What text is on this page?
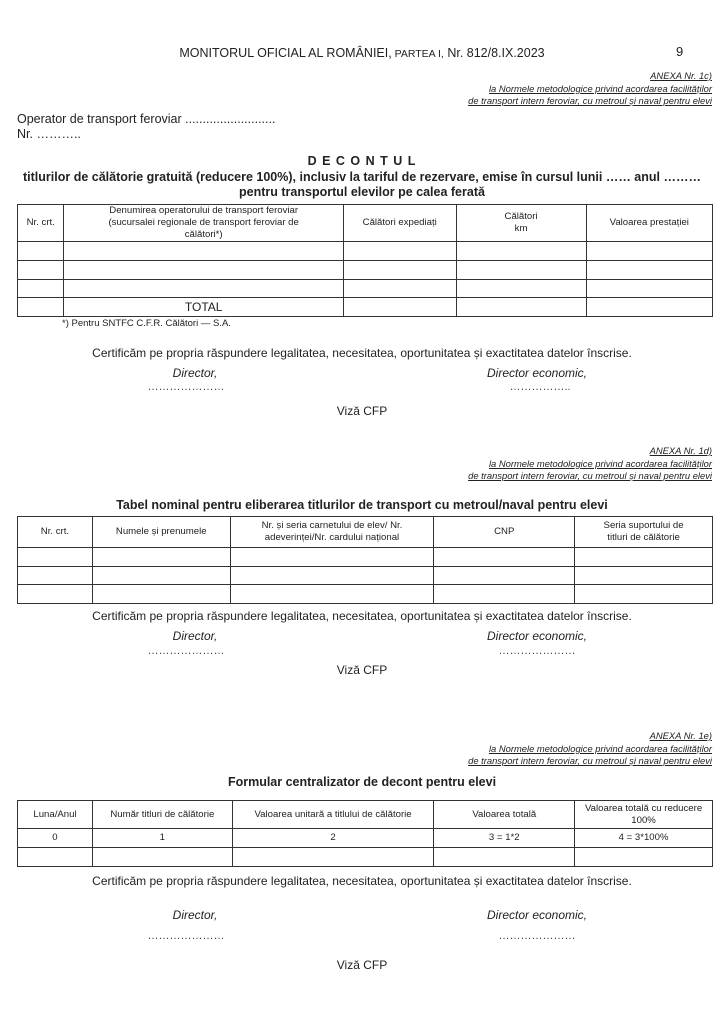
MONITORUL OFICIAL AL ROMÂNIEI, PARTEA I, Nr. 812/8.IX.2023	9
ANEXA Nr. 1c)
la Normele metodologice privind acordarea facilităților
de transport intern feroviar, cu metroul și naval pentru elevi
Operator de transport feroviar ..........................
Nr. ………..
D E C O N T U L
titlurilor de călătorie gratuită (reducere 100%), inclusiv la tariful de rezervare, emise în cursul lunii …… anul ………
pentru transportul elevilor pe calea ferată
Nr. crt.	Denumirea operatorului de transport feroviar (sucursalei regionale de transport feroviar de călători*)	Călători expediați	Călători km	Valoarea prestației

	TOTAL			
*) Pentru SNTFC C.F.R. Călători — S.A.
Certificăm pe propria răspundere legalitatea, necesitatea, oportunitatea și exactitatea datelor înscrise.
Director,	Director economic,
…………………	……………..
Viză CFP
ANEXA Nr. 1d)
la Normele metodologice privind acordarea facilităților
de transport intern feroviar, cu metroul și naval pentru elevi
Tabel nominal pentru eliberarea titlurilor de transport cu metroul/naval pentru elevi
Nr. crt.	Numele și prenumele	Nr. și seria carnetului de elev/ Nr. adeverinței/Nr. cardului național	CNP	Seria suportului de titluri de călătorie

Certificăm pe propria răspundere legalitatea, necesitatea, oportunitatea și exactitatea datelor înscrise.
Director,	Director economic,
…………………	…………………
Viză CFP
ANEXA Nr. 1e)
la Normele metodologice privind acordarea facilităților
de transport intern feroviar, cu metroul și naval pentru elevi
Formular centralizator de decont pentru elevi
Luna/Anul	Număr titluri de călătorie	Valoarea unitară a titlului de călătorie	Valoarea totală	Valoarea totală cu reducere 100%
0	1	2	3 = 1*2	4 = 3*100%

Certificăm pe propria răspundere legalitatea, necesitatea, oportunitatea și exactitatea datelor înscrise.
Director,	Director economic,
…………………	…………………
Viză CFP
